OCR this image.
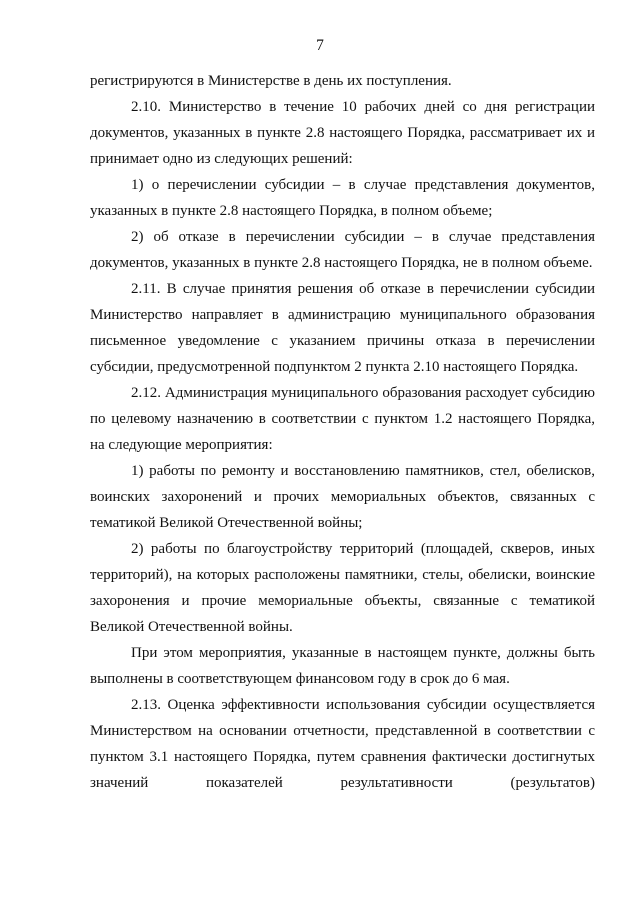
7

регистрируются в Министерстве в день их поступления.

2.10. Министерство в течение 10 рабочих дней со дня регистрации документов, указанных в пункте 2.8 настоящего Порядка, рассматривает их и принимает одно из следующих решений:

1) о перечислении субсидии – в случае представления документов, указанных в пункте 2.8 настоящего Порядка, в полном объеме;

2) об отказе в перечислении субсидии – в случае представления документов, указанных в пункте 2.8 настоящего Порядка, не в полном объеме.

2.11. В случае принятия решения об отказе в перечислении субсидии Министерство направляет в администрацию муниципального образования письменное уведомление с указанием причины отказа в перечислении субсидии, предусмотренной подпунктом 2 пункта 2.10 настоящего Порядка.

2.12. Администрация муниципального образования расходует субсидию по целевому назначению в соответствии с пунктом 1.2 настоящего Порядка, на следующие мероприятия:

1) работы по ремонту и восстановлению памятников, стел, обелисков, воинских захоронений и прочих мемориальных объектов, связанных с тематикой Великой Отечественной войны;

2) работы по благоустройству территорий (площадей, скверов, иных территорий), на которых расположены памятники, стелы, обелиски, воинские захоронения и прочие мемориальные объекты, связанные с тематикой Великой Отечественной войны.

При этом мероприятия, указанные в настоящем пункте, должны быть выполнены в соответствующем финансовом году в срок до 6 мая.

2.13. Оценка эффективности использования субсидии осуществляется Министерством на основании отчетности, представленной в соответствии с пунктом 3.1 настоящего Порядка, путем сравнения фактически достигнутых значений показателей результативности (результатов)
